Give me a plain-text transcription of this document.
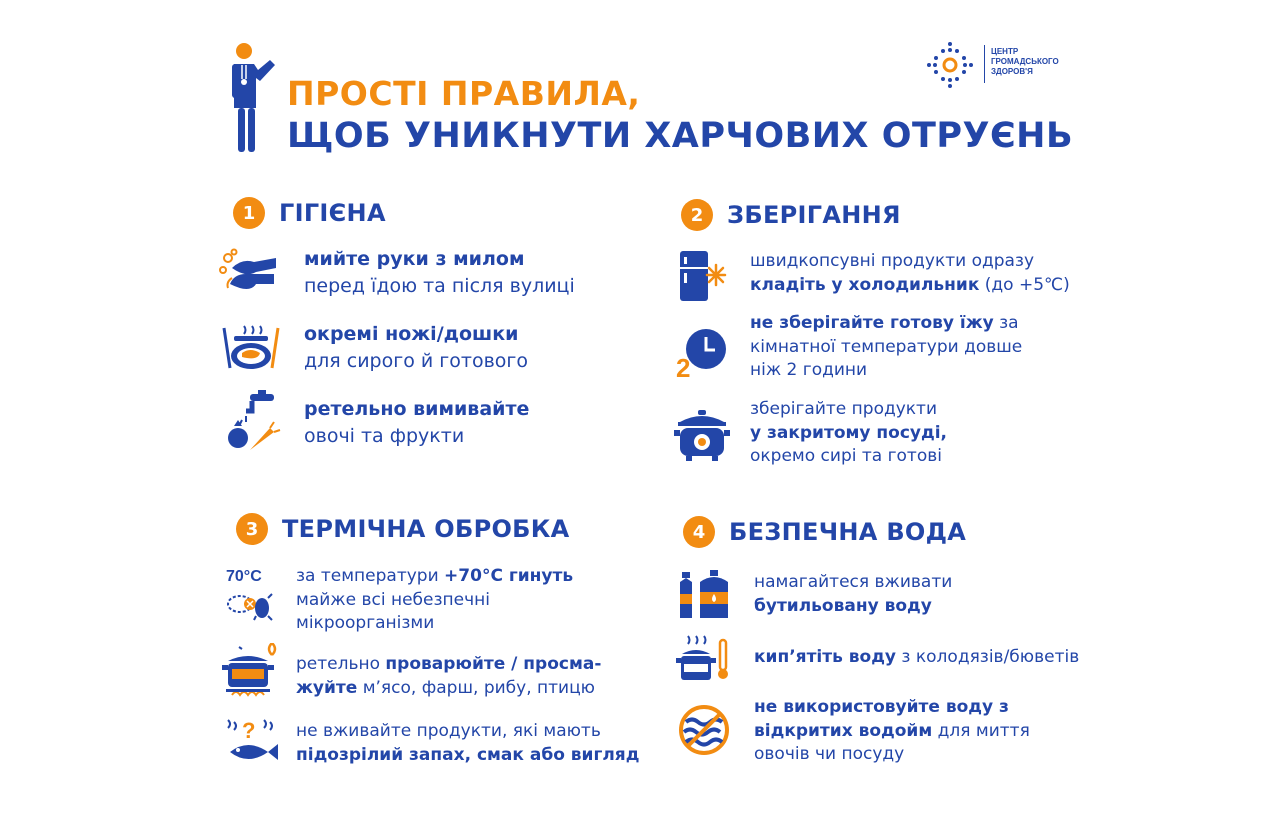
ПРОСТІ ПРАВИЛА,
ЩОБ УНИКНУТИ ХАРЧОВИХ ОТРУЄНЬ
ЦЕНТР
ГРОМАДСЬКОГО
ЗДОРОВ'Я
1 ГІГІЄНА
мийте руки з милом
перед їдою та після вулиці
окремі ножі/дошки
для сирого й готового
ретельно вимивайте
овочі та фрукти
2 ЗБЕРІГАННЯ
швидкопсувні продукти одразу
кладіть у холодильник (до +5℃)
2
не зберігайте готову їжу за
кімнатної температури довше
ніж 2 години
зберігайте продукти
у закритому посуді,
окремо сирі та готові
3 ТЕРМІЧНА ОБРОБКА
70°C за температури +70°C гинуть
майже всі небезпечні
мікроорганізми
ретельно проварюйте / просма-
жуйте м’ясо, фарш, рибу, птицю
? не вживайте продукти, які мають
підозрілий запах, смак або вигляд
4 БЕЗПЕЧНА ВОДА
намагайтеся вживати
бутильовану воду
кип’ятіть воду з колодязів/бюветів
не використовуйте воду з
відкритих водойм для миття
овочів чи посуду
